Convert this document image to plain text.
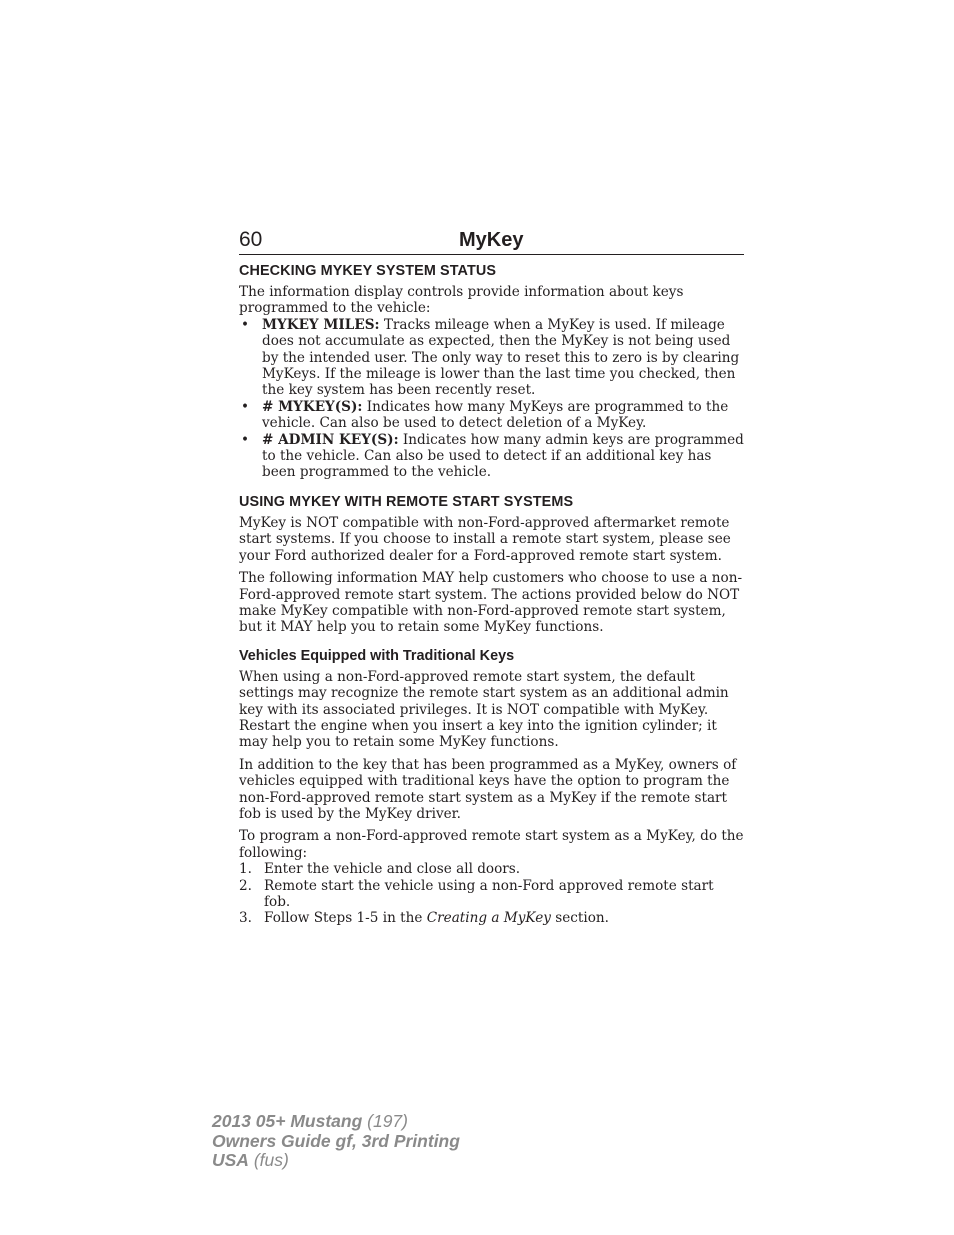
60	MyKey
CHECKING MYKEY SYSTEM STATUS

The information display controls provide information about keys programmed to the vehicle:

• MYKEY MILES: Tracks mileage when a MyKey is used. If mileage does not accumulate as expected, then the MyKey is not being used by the intended user. The only way to reset this to zero is by clearing MyKeys. If the mileage is lower than the last time you checked, then the key system has been recently reset.
• # MYKEY(S): Indicates how many MyKeys are programmed to the vehicle. Can also be used to detect deletion of a MyKey.
• # ADMIN KEY(S): Indicates how many admin keys are programmed to the vehicle. Can also be used to detect if an additional key has been programmed to the vehicle.
USING MYKEY WITH REMOTE START SYSTEMS

MyKey is NOT compatible with non-Ford-approved aftermarket remote start systems. If you choose to install a remote start system, please see your Ford authorized dealer for a Ford-approved remote start system.

The following information MAY help customers who choose to use a non-Ford-approved remote start system. The actions provided below do NOT make MyKey compatible with non-Ford-approved remote start system, but it MAY help you to retain some MyKey functions.

Vehicles Equipped with Traditional Keys

When using a non-Ford-approved remote start system, the default settings may recognize the remote start system as an additional admin key with its associated privileges. It is NOT compatible with MyKey. Restart the engine when you insert a key into the ignition cylinder; it may help you to retain some MyKey functions.

In addition to the key that has been programmed as a MyKey, owners of vehicles equipped with traditional keys have the option to program the non-Ford-approved remote start system as a MyKey if the remote start fob is used by the MyKey driver.

To program a non-Ford-approved remote start system as a MyKey, do the following:

1. Enter the vehicle and close all doors.
2. Remote start the vehicle using a non-Ford approved remote start fob.
3. Follow Steps 1-5 in the Creating a MyKey section.
2013 05+ Mustang (197)
Owners Guide gf, 3rd Printing
USA (fus)
